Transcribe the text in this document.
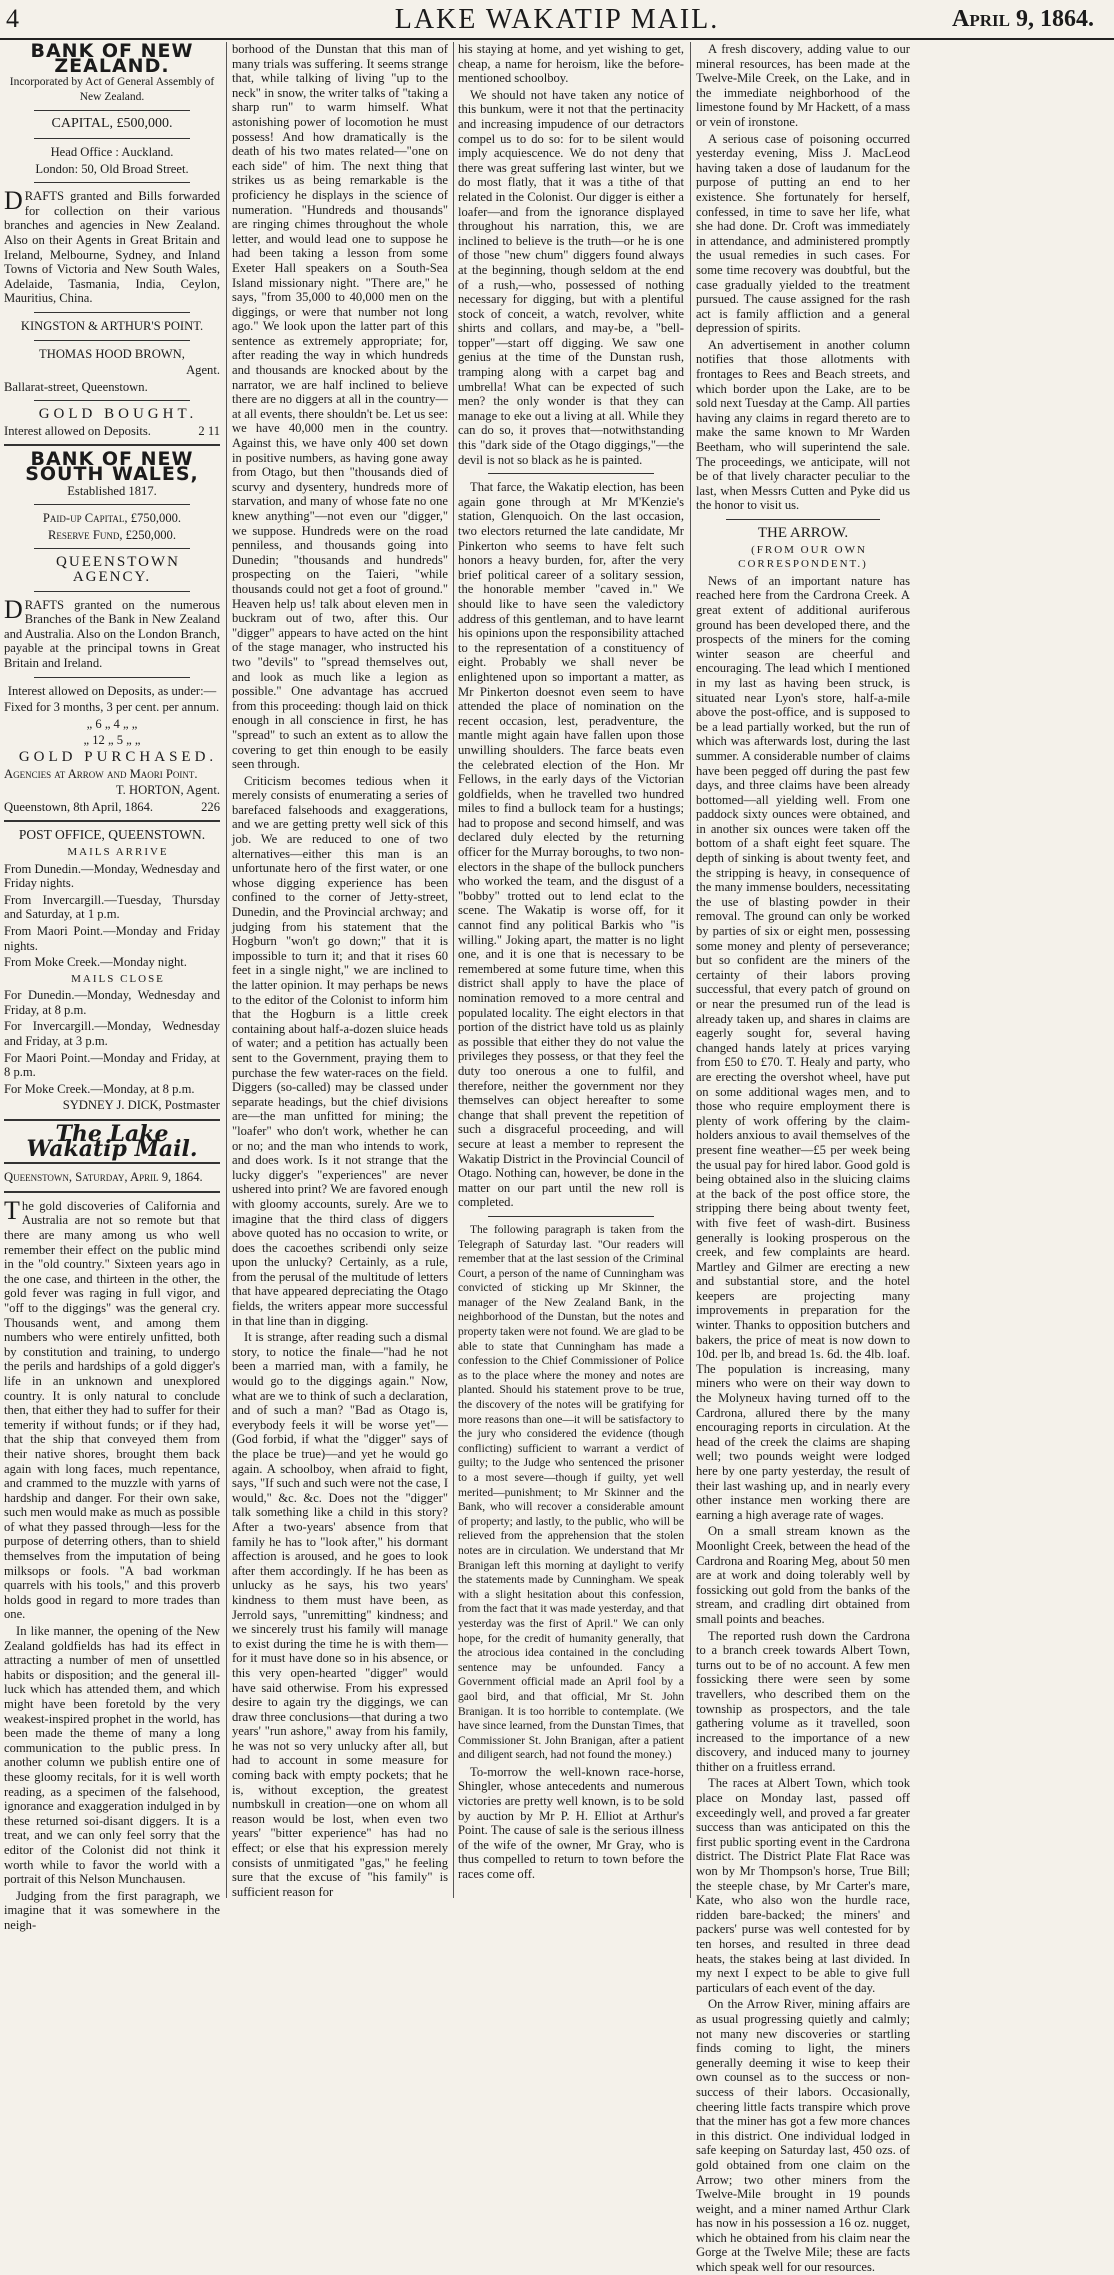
4	LAKE WAKATIP MAIL.	April 9, 1864.
BANK OF NEW ZEALAND.

Incorporated by Act of General Assembly of New Zealand.

CAPITAL, £500,000.

Head Office : Auckland.

London: 50, Old Broad Street.

DRAFTS granted and Bills forwarded for collection on their various branches and agencies in New Zealand. Also on their Agents in Great Britain and Ireland, Melbourne, Sydney, and Inland Towns of Victoria and New South Wales, Adelaide, Tasmania, India, Ceylon, Mauritius, China.

KINGSTON & ARTHUR'S POINT.

THOMAS HOOD BROWN,

Agent.

Ballarat-street, Queenstown.

GOLD BOUGHT.

Interest allowed on Deposits.	2 11
BANK OF NEW SOUTH WALES,

Established 1817.

Paid-up Capital, £750,000.

Reserve Fund, £250,000.

QUEENSTOWN AGENCY.

DRAFTS granted on the numerous Branches of the Bank in New Zealand and Australia. Also on the London Branch, payable at the principal towns in Great Britain and Ireland.

Interest allowed on Deposits, as under:—

Fixed for 3 months, 3 per cent. per annum.

„ 6 „ 4 „ „

„ 12 „ 5 „ „

GOLD PURCHASED.

Agencies at Arrow and Maori Point.

T. HORTON, Agent.

Queenstown, 8th April, 1864.	226

POST OFFICE, QUEENSTOWN.

MAILS ARRIVE

From Dunedin.—Monday, Wednesday and Friday nights.

From Invercargill.—Tuesday, Thursday and Saturday, at 1 p.m.

From Maori Point.—Monday and Friday nights.

From Moke Creek.—Monday night.

MAILS CLOSE

For Dunedin.—Monday, Wednesday and Friday, at 8 p.m.

For Invercargill.—Monday, Wednesday and Friday, at 3 p.m.

For Maori Point.—Monday and Friday, at 8 p.m.

For Moke Creek.—Monday, at 8 p.m.

SYDNEY J. DICK, Postmaster

The Lake Wakatip Mail.

Queenstown, Saturday, April 9, 1864.

The gold discoveries of California and Australia are not so remote but that there are many among us who well remember their effect on the public mind in the "old country." Sixteen years ago in the one case, and thirteen in the other, the gold fever was raging in full vigor, and "off to the diggings" was the general cry. Thousands went, and among them numbers who were entirely unfitted, both by constitution and training, to undergo the perils and hardships of a gold digger's life in an unknown and unexplored country. It is only natural to conclude then, that either they had to suffer for their temerity if without funds; or if they had, that the ship that conveyed them from their native shores, brought them back again with long faces, much repentance, and crammed to the muzzle with yarns of hardship and danger. For their own sake, such men would make as much as possible of what they passed through—less for the purpose of deterring others, than to shield themselves from the imputation of being milksops or fools. "A bad workman quarrels with his tools," and this proverb holds good in regard to more trades than one.

In like manner, the opening of the New Zealand goldfields has had its effect in attracting a number of men of unsettled habits or disposition; and the general ill-luck which has attended them, and which might have been foretold by the very weakest-inspired prophet in the world, has been made the theme of many a long communication to the public press. In another column we publish entire one of these gloomy recitals, for it is well worth reading, as a specimen of the falsehood, ignorance and exaggeration indulged in by these returned soi-disant diggers. It is a treat, and we can only feel sorry that the editor of the Colonist did not think it worth while to favor the world with a portrait of this Nelson Munchausen.

Judging from the first paragraph, we imagine that it was somewhere in the neigh-

borhood of the Dunstan that this man of many trials was suffering. It seems strange that, while talking of living "up to the neck" in snow, the writer talks of "taking a sharp run" to warm himself. What astonishing power of locomotion he must possess! And how dramatically is the death of his two mates related—"one on each side" of him. The next thing that strikes us as being remarkable is the proficiency he displays in the science of numeration. "Hundreds and thousands" are ringing chimes throughout the whole letter, and would lead one to suppose he had been taking a lesson from some Exeter Hall speakers on a South-Sea Island missionary night. "There are," he says, "from 35,000 to 40,000 men on the diggings, or were that number not long ago." We look upon the latter part of this sentence as extremely appropriate; for, after reading the way in which hundreds and thousands are knocked about by the narrator, we are half inclined to believe there are no diggers at all in the country—at all events, there shouldn't be. Let us see: we have 40,000 men in the country. Against this, we have only 400 set down in positive numbers, as having gone away from Otago, but then "thousands died of scurvy and dysentery, hundreds more of starvation, and many of whose fate no one knew anything"—not even our "digger," we suppose. Hundreds were on the road penniless, and thousands going into Dunedin; "thousands and hundreds" prospecting on the Taieri, "while thousands could not get a foot of ground." Heaven help us! talk about eleven men in buckram out of two, after this. Our "digger" appears to have acted on the hint of the stage manager, who instructed his two "devils" to "spread themselves out, and look as much like a legion as possible." One advantage has accrued from this proceeding: though laid on thick enough in all conscience in first, he has "spread" to such an extent as to allow the covering to get thin enough to be easily seen through.

Criticism becomes tedious when it merely consists of enumerating a series of barefaced falsehoods and exaggerations, and we are getting pretty well sick of this job. We are reduced to one of two alternatives—either this man is an unfortunate hero of the first water, or one whose digging experience has been confined to the corner of Jetty-street, Dunedin, and the Provincial archway; and judging from his statement that the Hogburn "won't go down;" that it is impossible to turn it; and that it rises 60 feet in a single night," we are inclined to the latter opinion. It may perhaps be news to the editor of the Colonist to inform him that the Hogburn is a little creek containing about half-a-dozen sluice heads of water; and a petition has actually been sent to the Government, praying them to purchase the few water-races on the field. Diggers (so-called) may be classed under separate headings, but the chief divisions are—the man unfitted for mining; the "loafer" who don't work, whether he can or no; and the man who intends to work, and does work. Is it not strange that the lucky digger's "experiences" are never ushered into print? We are favored enough with gloomy accounts, surely. Are we to imagine that the third class of diggers above quoted has no occasion to write, or does the cacoethes scribendi only seize upon the unlucky? Certainly, as a rule, from the perusal of the multitude of letters that have appeared depreciating the Otago fields, the writers appear more successful in that line than in digging.

It is strange, after reading such a dismal story, to notice the finale—"had he not been a married man, with a family, he would go to the diggings again." Now, what are we to think of such a declaration, and of such a man? "Bad as Otago is, everybody feels it will be worse yet"—(God forbid, if what the "digger" says of the place be true)—and yet he would go again. A schoolboy, when afraid to fight, says, "If such and such were not the case, I would," &c. &c. Does not the "digger" talk something like a child in this story? After a two-years' absence from that family he has to "look after," his dormant affection is aroused, and he goes to look after them accordingly. If he has been as unlucky as he says, his two years' kindness to them must have been, as Jerrold says, "unremitting" kindness; and we sincerely trust his family will manage to exist during the time he is with them—for it must have done so in his absence, or this very open-hearted "digger" would have said otherwise. From his expressed desire to again try the diggings, we can draw three conclusions—that during a two years' "run ashore," away from his family, he was not so very unlucky after all, but had to account in some measure for coming back with empty pockets; that he is, without exception, the greatest numbskull in creation—one on whom all reason would be lost, when even two years' "bitter experience" has had no effect; or else that his expression merely consists of unmitigated "gas," he feeling sure that the excuse of "his family" is sufficient reason for

his staying at home, and yet wishing to get, cheap, a name for heroism, like the before-mentioned schoolboy.

We should not have taken any notice of this bunkum, were it not that the pertinacity and increasing impudence of our detractors compel us to do so: for to be silent would imply acquiescence. We do not deny that there was great suffering last winter, but we do most flatly, that it was a tithe of that related in the Colonist. Our digger is either a loafer—and from the ignorance displayed throughout his narration, this, we are inclined to believe is the truth—or he is one of those "new chum" diggers found always at the beginning, though seldom at the end of a rush,—who, possessed of nothing necessary for digging, but with a plentiful stock of conceit, a watch, revolver, white shirts and collars, and may-be, a "bell-topper"—start off digging. We saw one genius at the time of the Dunstan rush, tramping along with a carpet bag and umbrella! What can be expected of such men? the only wonder is that they can manage to eke out a living at all. While they can do so, it proves that—notwithstanding this "dark side of the Otago diggings,"—the devil is not so black as he is painted.

That farce, the Wakatip election, has been again gone through at Mr M'Kenzie's station, Glenquoich. On the last occasion, two electors returned the late candidate, Mr Pinkerton who seems to have felt such honors a heavy burden, for, after the very brief political career of a solitary session, the honorable member "caved in." We should like to have seen the valedictory address of this gentleman, and to have learnt his opinions upon the responsibility attached to the representation of a constituency of eight. Probably we shall never be enlightened upon so important a matter, as Mr Pinkerton doesnot even seem to have attended the place of nomination on the recent occasion, lest, peradventure, the mantle might again have fallen upon those unwilling shoulders. The farce beats even the celebrated election of the Hon. Mr Fellows, in the early days of the Victorian goldfields, when he travelled two hundred miles to find a bullock team for a hustings; had to propose and second himself, and was declared duly elected by the returning officer for the Murray boroughs, to two non-electors in the shape of the bullock punchers who worked the team, and the disgust of a "bobby" trotted out to lend eclat to the scene. The Wakatip is worse off, for it cannot find any political Barkis who "is willing." Joking apart, the matter is no light one, and it is one that is necessary to be remembered at some future time, when this district shall apply to have the place of nomination removed to a more central and populated locality. The eight electors in that portion of the district have told us as plainly as possible that either they do not value the privileges they possess, or that they feel the duty too onerous a one to fulfil, and therefore, neither the government nor they themselves can object hereafter to some change that shall prevent the repetition of such a disgraceful proceeding, and will secure at least a member to represent the Wakatip District in the Provincial Council of Otago. Nothing can, however, be done in the matter on our part until the new roll is completed.

The following paragraph is taken from the Telegraph of Saturday last. "Our readers will remember that at the last session of the Criminal Court, a person of the name of Cunningham was convicted of sticking up Mr Skinner, the manager of the New Zealand Bank, in the neighborhood of the Dunstan, but the notes and property taken were not found. We are glad to be able to state that Cunningham has made a confession to the Chief Commissioner of Police as to the place where the money and notes are planted. Should his statement prove to be true, the discovery of the notes will be gratifying for more reasons than one—it will be satisfactory to the jury who considered the evidence (though conflicting) sufficient to warrant a verdict of guilty; to the Judge who sentenced the prisoner to a most severe—though if guilty, yet well merited—punishment; to Mr Skinner and the Bank, who will recover a considerable amount of property; and lastly, to the public, who will be relieved from the apprehension that the stolen notes are in circulation. We understand that Mr Branigan left this morning at daylight to verify the statements made by Cunningham. We speak with a slight hesitation about this confession, from the fact that it was made yesterday, and that yesterday was the first of April." We can only hope, for the credit of humanity generally, that the atrocious idea contained in the concluding sentence may be unfounded. Fancy a Government official made an April fool by a gaol bird, and that official, Mr St. John Branigan. It is too horrible to contemplate. (We have since learned, from the Dunstan Times, that Commissioner St. John Branigan, after a patient and diligent search, had not found the money.)

To-morrow the well-known race-horse, Shingler, whose antecedents and numerous victories are pretty well known, is to be sold by auction by Mr P. H. Elliot at Arthur's Point. The cause of sale is the serious illness of the wife of the owner, Mr Gray, who is thus compelled to return to town before the races come off.

A fresh discovery, adding value to our mineral resources, has been made at the Twelve-Mile Creek, on the Lake, and in the immediate neighborhood of the limestone found by Mr Hackett, of a mass or vein of ironstone.

A serious case of poisoning occurred yesterday evening, Miss J. MacLeod having taken a dose of laudanum for the purpose of putting an end to her existence. She fortunately for herself, confessed, in time to save her life, what she had done. Dr. Croft was immediately in attendance, and administered promptly the usual remedies in such cases. For some time recovery was doubtful, but the case gradually yielded to the treatment pursued. The cause assigned for the rash act is family affliction and a general depression of spirits.

An advertisement in another column notifies that those allotments with frontages to Rees and Beach streets, and which border upon the Lake, are to be sold next Tuesday at the Camp. All parties having any claims in regard thereto are to make the same known to Mr Warden Beetham, who will superintend the sale. The proceedings, we anticipate, will not be of that lively character peculiar to the last, when Messrs Cutten and Pyke did us the honor to visit us.

THE ARROW.

(FROM OUR OWN CORRESPONDENT.)

News of an important nature has reached here from the Cardrona Creek. A great extent of additional auriferous ground has been developed there, and the prospects of the miners for the coming winter season are cheerful and encouraging. The lead which I mentioned in my last as having been struck, is situated near Lyon's store, half-a-mile above the post-office, and is supposed to be a lead partially worked, but the run of which was afterwards lost, during the last summer. A considerable number of claims have been pegged off during the past few days, and three claims have been already bottomed—all yielding well. From one paddock sixty ounces were obtained, and in another six ounces were taken off the bottom of a shaft eight feet square. The depth of sinking is about twenty feet, and the stripping is heavy, in consequence of the many immense boulders, necessitating the use of blasting powder in their removal. The ground can only be worked by parties of six or eight men, possessing some money and plenty of perseverance; but so confident are the miners of the certainty of their labors proving successful, that every patch of ground on or near the presumed run of the lead is already taken up, and shares in claims are eagerly sought for, several having changed hands lately at prices varying from £50 to £70. T. Healy and party, who are erecting the overshot wheel, have put on some additional wages men, and to those who require employment there is plenty of work offering by the claim-holders anxious to avail themselves of the present fine weather—£5 per week being the usual pay for hired labor. Good gold is being obtained also in the sluicing claims at the back of the post office store, the stripping there being about twenty feet, with five feet of wash-dirt. Business generally is looking prosperous on the creek, and few complaints are heard. Martley and Gilmer are erecting a new and substantial store, and the hotel keepers are projecting many improvements in preparation for the winter. Thanks to opposition butchers and bakers, the price of meat is now down to 10d. per lb, and bread 1s. 6d. the 4lb. loaf. The population is increasing, many miners who were on their way down to the Molyneux having turned off to the Cardrona, allured there by the many encouraging reports in circulation. At the head of the creek the claims are shaping well; two pounds weight were lodged here by one party yesterday, the result of their last washing up, and in nearly every other instance men working there are earning a high average rate of wages.

On a small stream known as the Moonlight Creek, between the head of the Cardrona and Roaring Meg, about 50 men are at work and doing tolerably well by fossicking out gold from the banks of the stream, and cradling dirt obtained from small points and beaches.

The reported rush down the Cardrona to a branch creek towards Albert Town, turns out to be of no account. A few men fossicking there were seen by some travellers, who described them on the township as prospectors, and the tale gathering volume as it travelled, soon increased to the importance of a new discovery, and induced many to journey thither on a fruitless errand.

The races at Albert Town, which took place on Monday last, passed off exceedingly well, and proved a far greater success than was anticipated on this the first public sporting event in the Cardrona district. The District Plate Flat Race was won by Mr Thompson's horse, True Bill; the steeple chase, by Mr Carter's mare, Kate, who also won the hurdle race, ridden bare-backed; the miners' and packers' purse was well contested for by ten horses, and resulted in three dead heats, the stakes being at last divided. In my next I expect to be able to give full particulars of each event of the day.

On the Arrow River, mining affairs are as usual progressing quietly and calmly; not many new discoveries or startling finds coming to light, the miners generally deeming it wise to keep their own counsel as to the success or non-success of their labors. Occasionally, cheering little facts transpire which prove that the miner has got a few more chances in this district. One individual lodged in safe keeping on Saturday last, 450 ozs. of gold obtained from one claim on the Arrow; two other miners from the Twelve-Mile brought in 19 pounds weight, and a miner named Arthur Clark has now in his possession a 16 oz. nugget, which he obtained from his claim near the Gorge at the Twelve Mile; these are facts which speak well for our resources.
